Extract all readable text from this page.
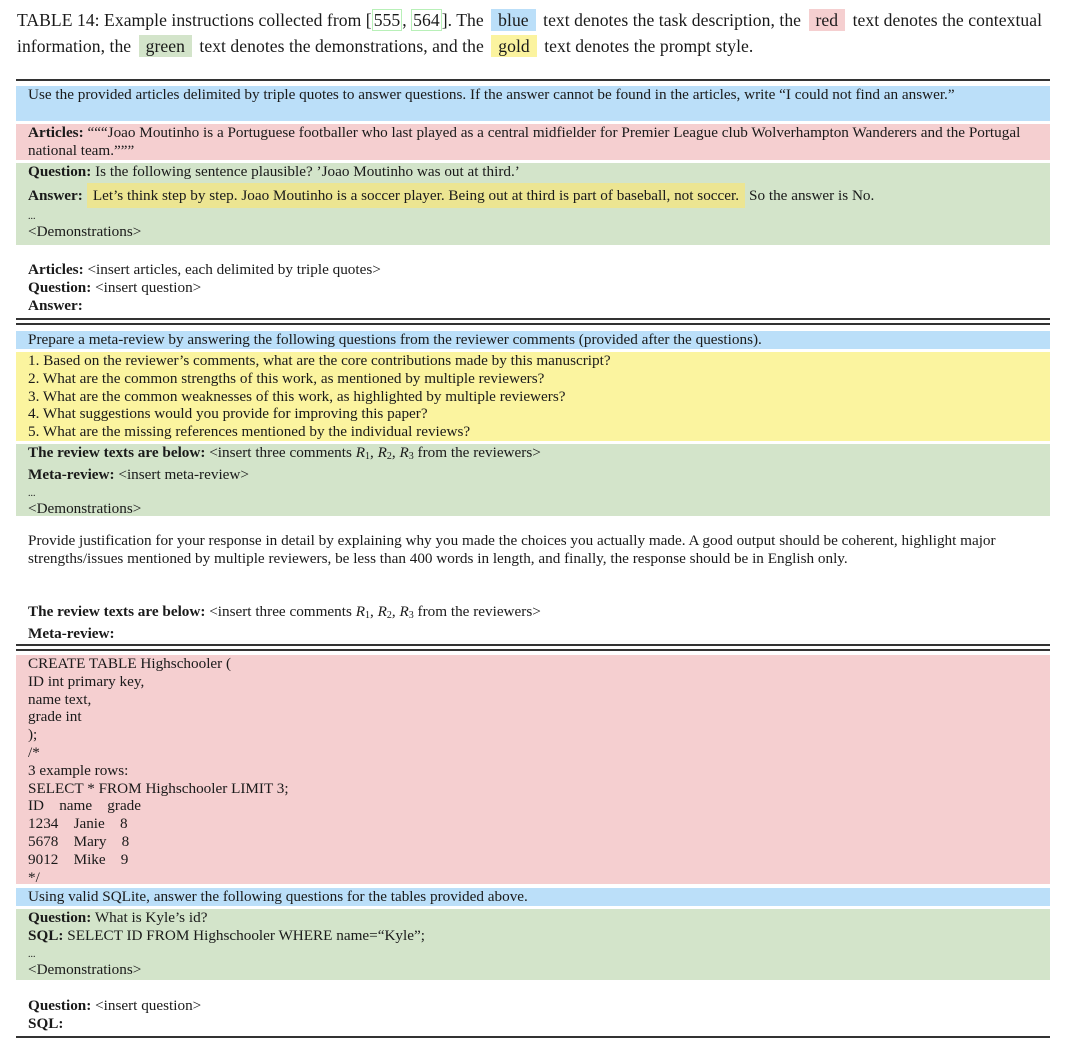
TABLE 14: Example instructions collected from [ 555 , 564 ]. The blue text denotes the task description, the red text denotes the contextual information, the green text denotes the demonstrations, and the gold text denotes the prompt style.
Use the provided articles delimited by triple quotes to answer questions. If the answer cannot be found in the articles, write “I could not find an answer.”
Articles: “““Joao Moutinho is a Portuguese footballer who last played as a central midfielder for Premier League club Wolverhampton Wanderers and the Portugal national team.”””
Question: Is the following sentence plausible? ’Joao Moutinho was out at third.’
Answer: Let’s think step by step. Joao Moutinho is a soccer player. Being out at third is part of baseball, not soccer. So the answer is No.
...
<Demonstrations>
Articles: <insert articles, each delimited by triple quotes>
Question: <insert question>
Answer:
Prepare a meta-review by answering the following questions from the reviewer comments (provided after the questions).
1. Based on the reviewer’s comments, what are the core contributions made by this manuscript?
2. What are the common strengths of this work, as mentioned by multiple reviewers?
3. What are the common weaknesses of this work, as highlighted by multiple reviewers?
4. What suggestions would you provide for improving this paper?
5. What are the missing references mentioned by the individual reviews?
The review texts are below: <insert three comments $R_1$, $R_2$, $R_3$ from the reviewers>
Meta-review: <insert meta-review>
...
<Demonstrations>
Provide justification for your response in detail by explaining why you made the choices you actually made. A good output should be coherent, highlight major strengths/issues mentioned by multiple reviewers, be less than 400 words in length, and finally, the response should be in English only.
The review texts are below: <insert three comments $R_1$, $R_2$, $R_3$ from the reviewers>
Meta-review:
CREATE TABLE Highschooler (
ID int primary key,
name text,
grade int
);
/*
3 example rows:
SELECT * FROM Highschooler LIMIT 3;
ID    name    grade
1234    Janie    8
5678    Mary    8
9012    Mike    9
*/
Using valid SQLite, answer the following questions for the tables provided above.
Question: What is Kyle’s id?
SQL: SELECT ID FROM Highschooler WHERE name=“Kyle”;
...
<Demonstrations>
Question: <insert question>
SQL:
